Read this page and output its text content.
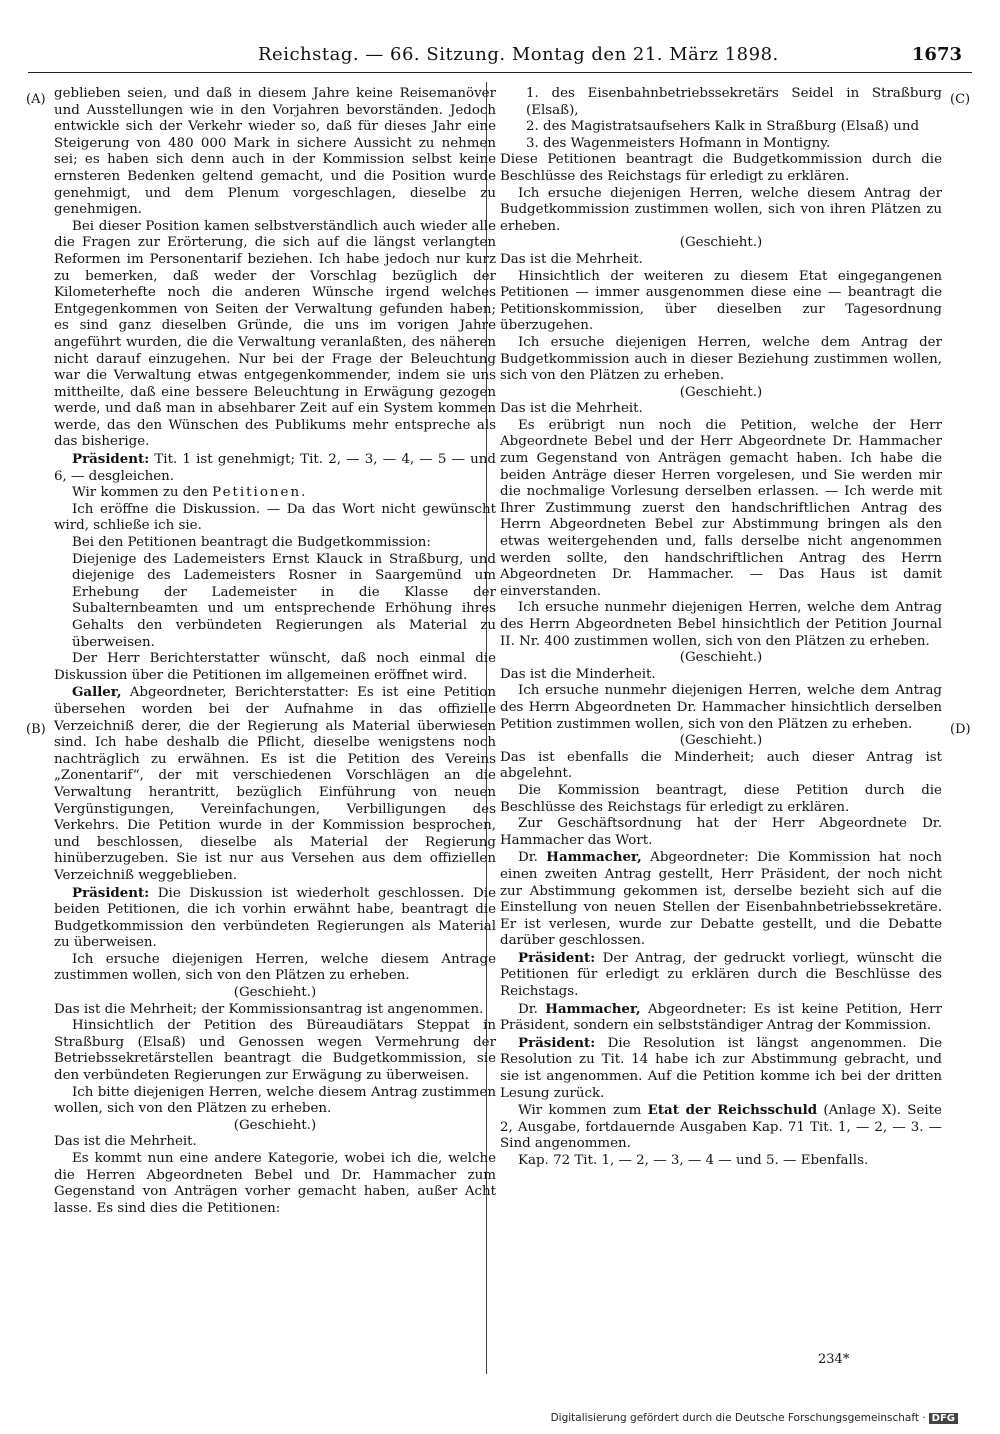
Reichstag. — 66. Sitzung. Montag den 21. März 1898.	1673
(A)
(B)
(C)
(D)

geblieben seien, und daß in diesem Jahre keine Reisemanöver und Ausstellungen wie in den Vorjahren bevorständen. Jedoch entwickle sich der Verkehr wieder so, daß für dieses Jahr eine Steigerung von 480 000 Mark in sichere Aussicht zu nehmen sei; es haben sich denn auch in der Kommission selbst keine ernsteren Bedenken geltend gemacht, und die Position wurde genehmigt, und dem Plenum vorgeschlagen, dieselbe zu genehmigen.

Bei dieser Position kamen selbstverständlich auch wieder alle die Fragen zur Erörterung, die sich auf die längst verlangten Reformen im Personentarif beziehen. Ich habe jedoch nur kurz zu bemerken, daß weder der Vorschlag bezüglich der Kilometerhefte noch die anderen Wünsche irgend welches Entgegenkommen von Seiten der Verwaltung gefunden haben; es sind ganz dieselben Gründe, die uns im vorigen Jahre angeführt wurden, die die Verwaltung veranlaßten, des näheren nicht darauf einzugehen. Nur bei der Frage der Beleuchtung war die Verwaltung etwas entgegenkommender, indem sie uns mittheilte, daß eine bessere Beleuchtung in Erwägung gezogen werde, und daß man in absehbarer Zeit auf ein System kommen werde, das den Wünschen des Publikums mehr entspreche als das bisherige.

Präsident: Tit. 1 ist genehmigt; Tit. 2, — 3, — 4, — 5 — und 6, — desgleichen.

Wir kommen zu den Petitionen.

Ich eröffne die Diskussion. — Da das Wort nicht gewünscht wird, schließe ich sie.

Bei den Petitionen beantragt die Budgetkommission:

Diejenige des Lademeisters Ernst Klauck in Straßburg, und diejenige des Lademeisters Rosner in Saargemünd um Erhebung der Lademeister in die Klasse der Subalternbeamten und um entsprechende Erhöhung ihres Gehalts den verbündeten Regierungen als Material zu überweisen.

Der Herr Berichterstatter wünscht, daß noch einmal die Diskussion über die Petitionen im allgemeinen eröffnet wird.

Galler, Abgeordneter, Berichterstatter: Es ist eine Petition übersehen worden bei der Aufnahme in das offizielle Verzeichniß derer, die der Regierung als Material überwiesen sind. Ich habe deshalb die Pflicht, dieselbe wenigstens noch nachträglich zu erwähnen. Es ist die Petition des Vereins „Zonentarif“, der mit verschiedenen Vorschlägen an die Verwaltung herantritt, bezüglich Einführung von neuen Vergünstigungen, Vereinfachungen, Verbilligungen des Verkehrs. Die Petition wurde in der Kommission besprochen, und beschlossen, dieselbe als Material der Regierung hinüberzugeben. Sie ist nur aus Versehen aus dem offiziellen Verzeichniß weggeblieben.

Präsident: Die Diskussion ist wiederholt geschlossen. Die beiden Petitionen, die ich vorhin erwähnt habe, beantragt die Budgetkommission den verbündeten Regierungen als Material zu überweisen.

Ich ersuche diejenigen Herren, welche diesem Antrage zustimmen wollen, sich von den Plätzen zu erheben.

(Geschieht.)

Das ist die Mehrheit; der Kommissionsantrag ist angenommen.

Hinsichtlich der Petition des Büreaudiätars Steppat in Straßburg (Elsaß) und Genossen wegen Vermehrung der Betriebssekretärstellen beantragt die Budgetkommission, sie den verbündeten Regierungen zur Erwägung zu überweisen.

Ich bitte diejenigen Herren, welche diesem Antrag zustimmen wollen, sich von den Plätzen zu erheben.

(Geschieht.)

Das ist die Mehrheit.

Es kommt nun eine andere Kategorie, wobei ich die, welche die Herren Abgeordneten Bebel und Dr. Hammacher zum Gegenstand von Anträgen vorher gemacht haben, außer Acht lasse. Es sind dies die Petitionen:

1. des Eisenbahnbetriebssekretärs Seidel in Straßburg (Elsaß),

2. des Magistratsaufsehers Kalk in Straßburg (Elsaß) und

3. des Wagenmeisters Hofmann in Montigny.

Diese Petitionen beantragt die Budgetkommission durch die Beschlüsse des Reichstags für erledigt zu erklären.

Ich ersuche diejenigen Herren, welche diesem Antrag der Budgetkommission zustimmen wollen, sich von ihren Plätzen zu erheben.

(Geschieht.)

Das ist die Mehrheit.

Hinsichtlich der weiteren zu diesem Etat eingegangenen Petitionen — immer ausgenommen diese eine — beantragt die Petitionskommission, über dieselben zur Tagesordnung überzugehen.

Ich ersuche diejenigen Herren, welche dem Antrag der Budgetkommission auch in dieser Beziehung zustimmen wollen, sich von den Plätzen zu erheben.

(Geschieht.)

Das ist die Mehrheit.

Es erübrigt nun noch die Petition, welche der Herr Abgeordnete Bebel und der Herr Abgeordnete Dr. Hammacher zum Gegenstand von Anträgen gemacht haben. Ich habe die beiden Anträge dieser Herren vorgelesen, und Sie werden mir die nochmalige Vorlesung derselben erlassen. — Ich werde mit Ihrer Zustimmung zuerst den handschriftlichen Antrag des Herrn Abgeordneten Bebel zur Abstimmung bringen als den etwas weitergehenden und, falls derselbe nicht angenommen werden sollte, den handschriftlichen Antrag des Herrn Abgeordneten Dr. Hammacher. — Das Haus ist damit einverstanden.

Ich ersuche nunmehr diejenigen Herren, welche dem Antrag des Herrn Abgeordneten Bebel hinsichtlich der Petition Journal II. Nr. 400 zustimmen wollen, sich von den Plätzen zu erheben.

(Geschieht.)

Das ist die Minderheit.

Ich ersuche nunmehr diejenigen Herren, welche dem Antrag des Herrn Abgeordneten Dr. Hammacher hinsichtlich derselben Petition zustimmen wollen, sich von den Plätzen zu erheben.

(Geschieht.)

Das ist ebenfalls die Minderheit; auch dieser Antrag ist abgelehnt.

Die Kommission beantragt, diese Petition durch die Beschlüsse des Reichstags für erledigt zu erklären.

Zur Geschäftsordnung hat der Herr Abgeordnete Dr. Hammacher das Wort.

Dr. Hammacher, Abgeordneter: Die Kommission hat noch einen zweiten Antrag gestellt, Herr Präsident, der noch nicht zur Abstimmung gekommen ist, derselbe bezieht sich auf die Einstellung von neuen Stellen der Eisenbahnbetriebssekretäre. Er ist verlesen, wurde zur Debatte gestellt, und die Debatte darüber geschlossen.

Präsident: Der Antrag, der gedruckt vorliegt, wünscht die Petitionen für erledigt zu erklären durch die Beschlüsse des Reichstags.

Dr. Hammacher, Abgeordneter: Es ist keine Petition, Herr Präsident, sondern ein selbstständiger Antrag der Kommission.

Präsident: Die Resolution ist längst angenommen. Die Resolution zu Tit. 14 habe ich zur Abstimmung gebracht, und sie ist angenommen. Auf die Petition komme ich bei der dritten Lesung zurück.

Wir kommen zum Etat der Reichsschuld (Anlage X). Seite 2, Ausgabe, fortdauernde Ausgaben Kap. 71 Tit. 1, — 2, — 3. — Sind angenommen.

Kap. 72 Tit. 1, — 2, — 3, — 4 — und 5. — Ebenfalls.

234*
Digitalisierung gefördert durch die Deutsche Forschungsgemeinschaft · DFG
